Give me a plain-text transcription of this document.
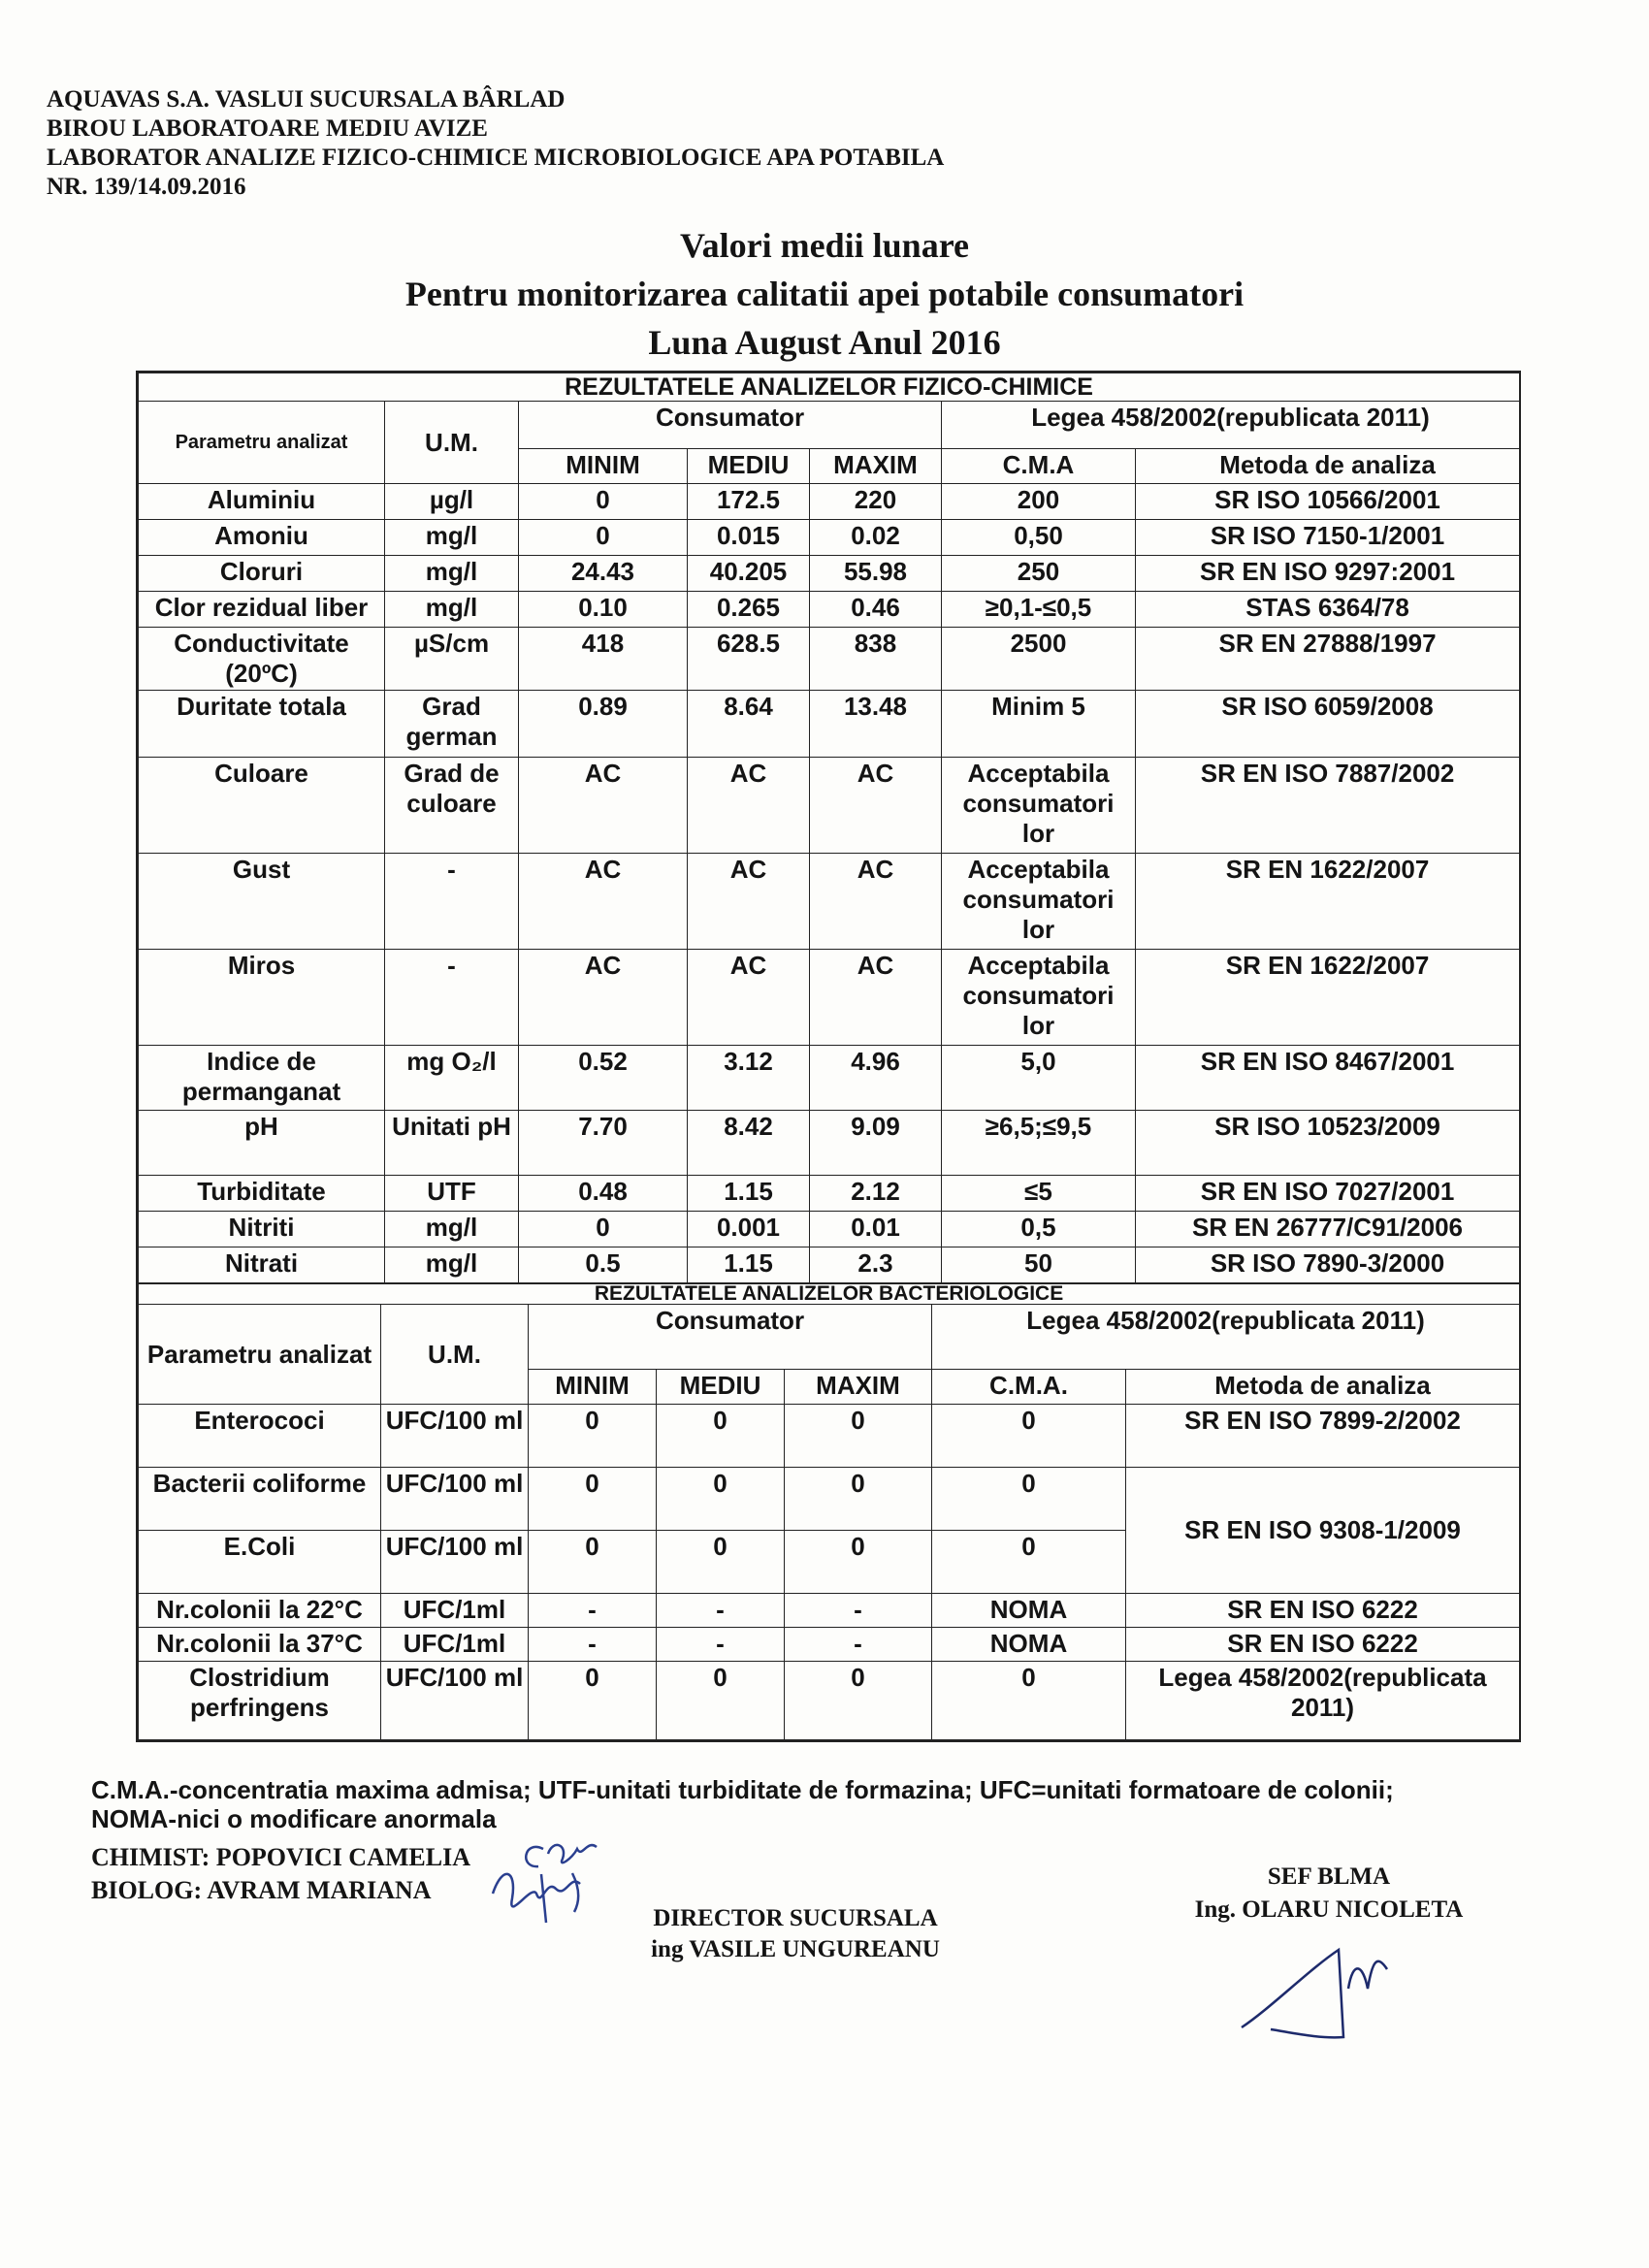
AQUAVAS S.A. VASLUI SUCURSALA BÂRLAD
BIROU LABORATOARE MEDIU AVIZE
LABORATOR ANALIZE FIZICO-CHIMICE MICROBIOLOGICE APA POTABILA
NR. 139/14.09.2016
Valori medii lunare
Pentru monitorizarea calitatii apei potabile consumatori
Luna August Anul 2016
REZULTATELE ANALIZELOR FIZICO-CHIMICE						
Parametru analizat	U.M.	Consumator			Legea 458/2002(republicata 2011)	
		MINIM	MEDIU	MAXIM	C.M.A	Metoda de analiza
Aluminiu	µg/l	0	172.5	220	200	SR ISO 10566/2001
Amoniu	mg/l	0	0.015	0.02	0,50	SR ISO 7150-1/2001
Cloruri	mg/l	24.43	40.205	55.98	250	SR EN ISO 9297:2001
Clor rezidual liber	mg/l	0.10	0.265	0.46	≥0,1-≤0,5	STAS 6364/78
Conductivitate (20ºC)	µS/cm	418	628.5	838	2500	SR EN 27888/1997
Duritate totala	Grad german	0.89	8.64	13.48	Minim 5	SR ISO 6059/2008
Culoare	Grad de culoare	AC	AC	AC	Acceptabila consumatori lor	SR EN ISO 7887/2002
Gust	-	AC	AC	AC	Acceptabila consumatori lor	SR EN 1622/2007
Miros	-	AC	AC	AC	Acceptabila consumatori lor	SR EN 1622/2007
Indice de permanganat	mg O₂/l	0.52	3.12	4.96	5,0	SR EN ISO 8467/2001
pH	Unitati pH	7.70	8.42	9.09	≥6,5;≤9,5	SR ISO 10523/2009
Turbiditate	UTF	0.48	1.15	2.12	≤5	SR EN ISO 7027/2001
Nitriti	mg/l	0	0.001	0.01	0,5	SR EN 26777/C91/2006
Nitrati	mg/l	0.5	1.15	2.3	50	SR ISO 7890-3/2000
REZULTATELE ANALIZELOR BACTERIOLOGICE						
Parametru analizat	U.M.	Consumator			Legea 458/2002(republicata 2011)	
		MINIM	MEDIU	MAXIM	C.M.A.	Metoda de analiza
Enterococi	UFC/100 ml	0	0	0	0	SR EN ISO 7899-2/2002
Bacterii coliforme	UFC/100 ml	0	0	0	0	SR EN ISO 9308-1/2009
E.Coli	UFC/100 ml	0	0	0	0	
Nr.colonii la 22°C	UFC/1ml	-	-	-	NOMA	SR EN ISO 6222
Nr.colonii la 37°C	UFC/1ml	-	-	-	NOMA	SR EN ISO 6222
Clostridium perfringens	UFC/100 ml	0	0	0	0	Legea 458/2002(republicata 2011)
C.M.A.-concentratia maxima admisa; UTF-unitati turbiditate de formazina; UFC=unitati formatoare de colonii;
NOMA-nici o modificare anormala
CHIMIST: POPOVICI CAMELIA
BIOLOG: AVRAM MARIANA
DIRECTOR SUCURSALA
ing VASILE UNGUREANU
SEF BLMA
Ing. OLARU NICOLETA
